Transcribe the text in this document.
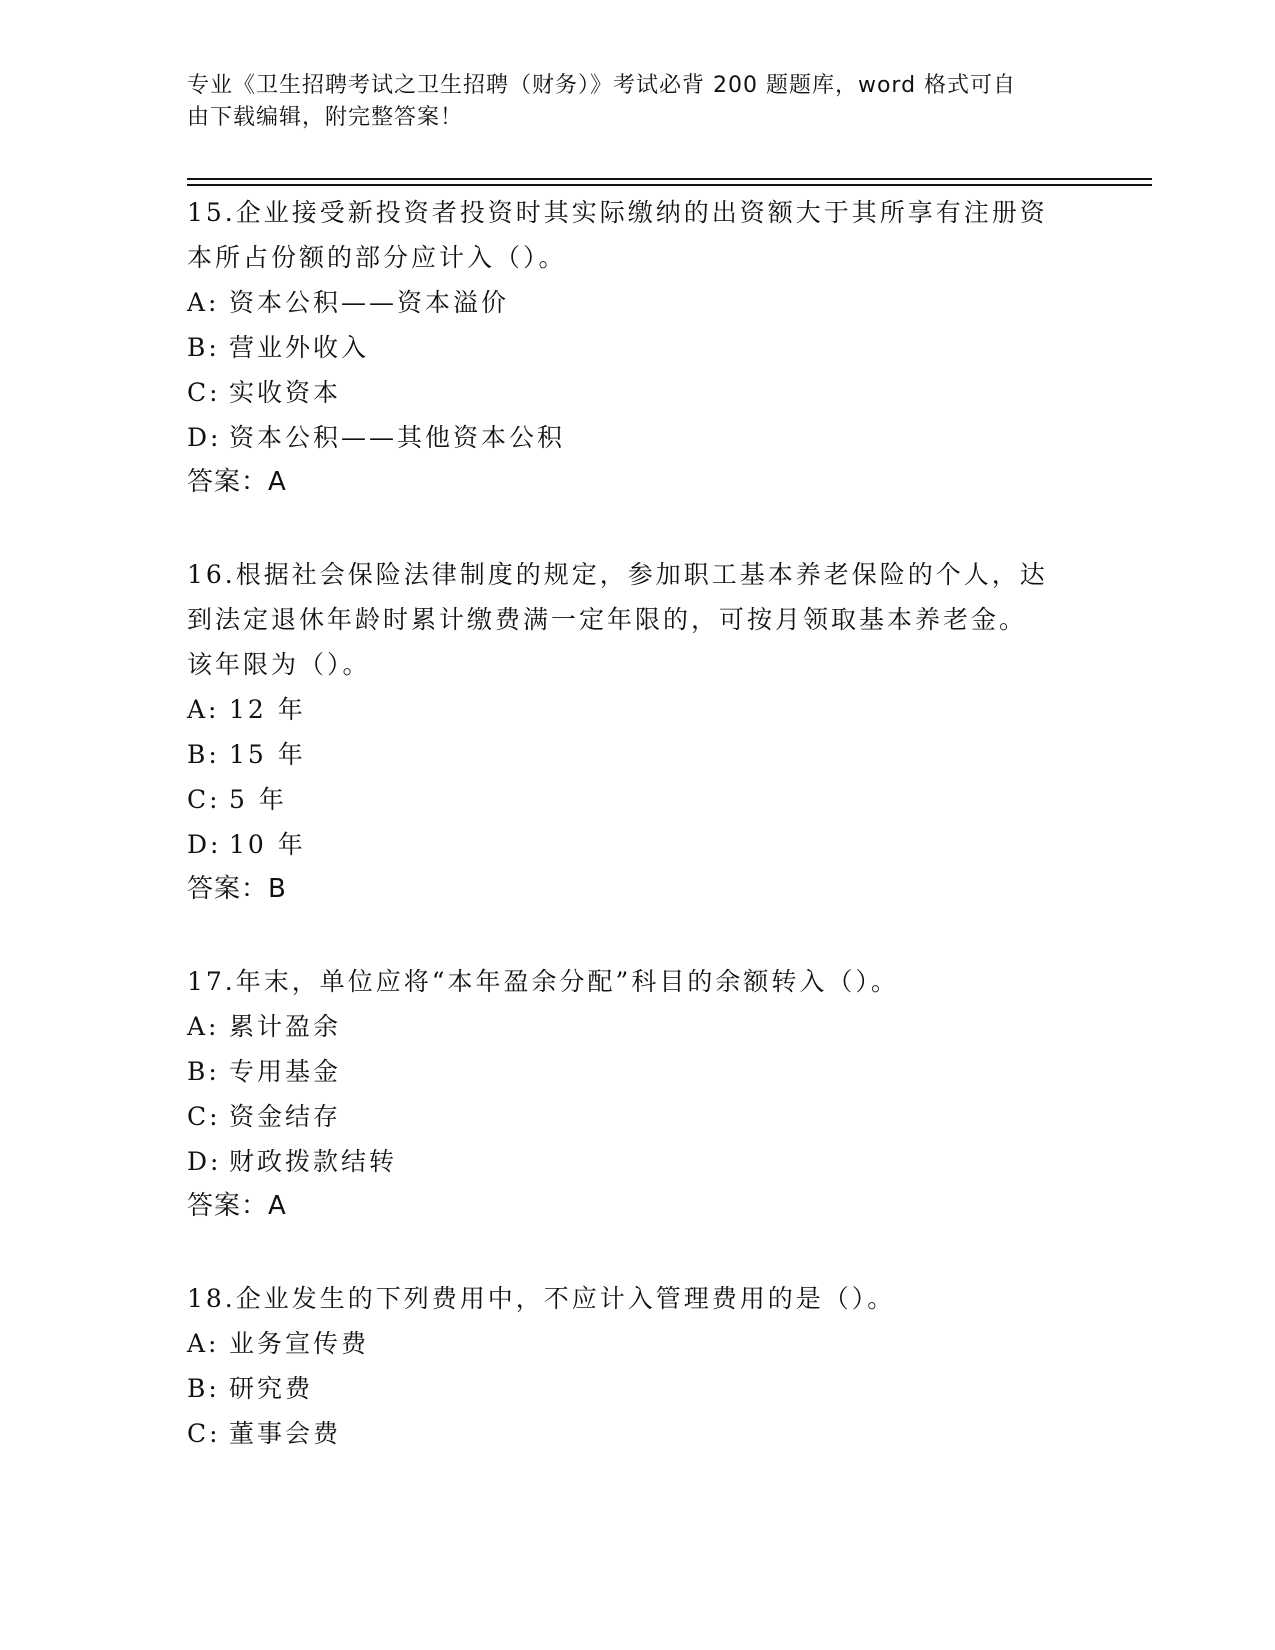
专业《卫生招聘考试之卫生招聘（财务）》考试必背 200 题题库，word 格式可自
由下载编辑，附完整答案！
15.企业接受新投资者投资时其实际缴纳的出资额大于其所享有注册资
本所占份额的部分应计入（）。
A: 资本公积——资本溢价
B: 营业外收入
C: 实收资本
D: 资本公积——其他资本公积
答案：A
16.根据社会保险法律制度的规定，参加职工基本养老保险的个人，达
到法定退休年龄时累计缴费满一定年限的，可按月领取基本养老金。
该年限为（）。
A: 12 年
B: 15 年
C: 5 年
D: 10 年
答案：B
17.年末，单位应将“本年盈余分配”科目的余额转入（）。
A: 累计盈余
B: 专用基金
C: 资金结存
D: 财政拨款结转
答案：A
18.企业发生的下列费用中，不应计入管理费用的是（）。
A: 业务宣传费
B: 研究费
C: 董事会费
